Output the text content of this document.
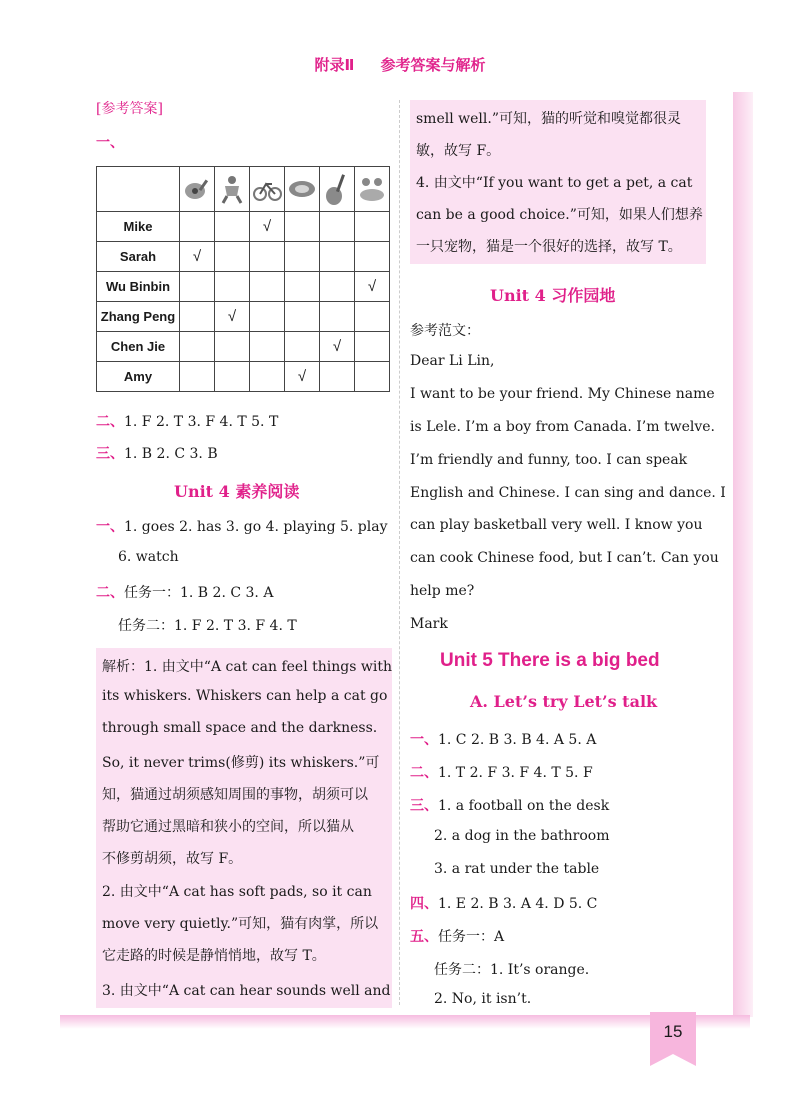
附录Ⅱ 参考答案与解析
[参考答案]
一、

Mike			√			
Sarah	√					
Wu Binbin						√
Zhang Peng		√				
Chen Jie					√	
Amy				√		
二、1. F 2. T 3. F 4. T 5. T
三、1. B 2. C 3. B
Unit 4 素养阅读
一、1. goes 2. has 3. go 4. playing 5. play
6. watch
二、任务一：1. B 2. C 3. A
任务二：1. F 2. T 3. F 4. T
解析：1. 由文中“A cat can feel things with
its whiskers. Whiskers can help a cat go
through small space and the darkness.
So, it never trims(修剪) its whiskers.”可
知，猫通过胡须感知周围的事物，胡须可以
帮助它通过黑暗和狭小的空间，所以猫从
不修剪胡须，故写 F。
2. 由文中“A cat has soft pads, so it can
move very quietly.”可知，猫有肉掌，所以
它走路的时候是静悄悄地，故写 T。
3. 由文中“A cat can hear sounds well and
smell well.”可知，猫的听觉和嗅觉都很灵
敏，故写 F。
4. 由文中“If you want to get a pet, a cat
can be a good choice.”可知，如果人们想养
一只宠物，猫是一个很好的选择，故写 T。
Unit 4 习作园地
参考范文：
Dear Li Lin,
I want to be your friend. My Chinese name
is Lele. I’m a boy from Canada. I’m twelve.
I’m friendly and funny, too. I can speak
English and Chinese. I can sing and dance. I
can play basketball very well. I know you
can cook Chinese food, but I can’t. Can you
help me?
Mark
Unit 5 There is a big bed
A. Let’s try Let’s talk
一、1. C 2. B 3. B 4. A 5. A
二、1. T 2. F 3. F 4. T 5. F
三、1. a football on the desk
2. a dog in the bathroom
3. a rat under the table
四、1. E 2. B 3. A 4. D 5. C
五、任务一：A
任务二：1. It’s orange.
2. No, it isn’t.
15
